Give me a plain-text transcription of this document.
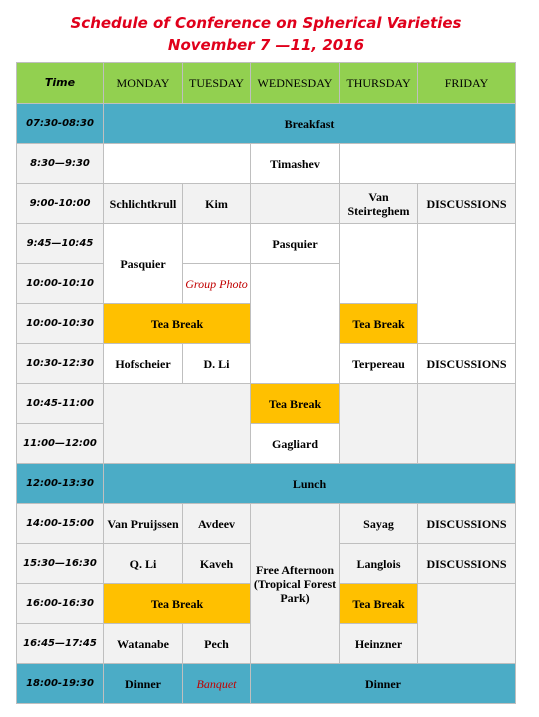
Schedule of Conference on Spherical Varieties
November 7 —11, 2016
Time	MONDAY	TUESDAY	WEDNESDAY	THURSDAY	FRIDAY
07:30-08:30	Breakfast				
8:30—9:30			Timashev		
9:00-10:00	Schlichtkrull	Kim		Van Steirteghem	DISCUSSIONS
9:45—10:45	Pasquier		Pasquier		
10:00-10:10		Group Photo			
10:00-10:30	Tea Break			Tea Break	
10:30-12:30	Hofscheier	D. Li		Terpereau	DISCUSSIONS
10:45-11:00			Tea Break		
11:00—12:00			Gagliard		
12:00-13:30	Lunch				
14:00-15:00	Van Pruijssen	Avdeev	Free Afternoon (Tropical Forest Park)	Sayag	DISCUSSIONS
15:30—16:30	Q. Li	Kaveh		Langlois	DISCUSSIONS
16:00-16:30	Tea Break			Tea Break	
16:45—17:45	Watanabe	Pech		Heinzner	
18:00-19:30	Dinner	Banquet	Dinner		
